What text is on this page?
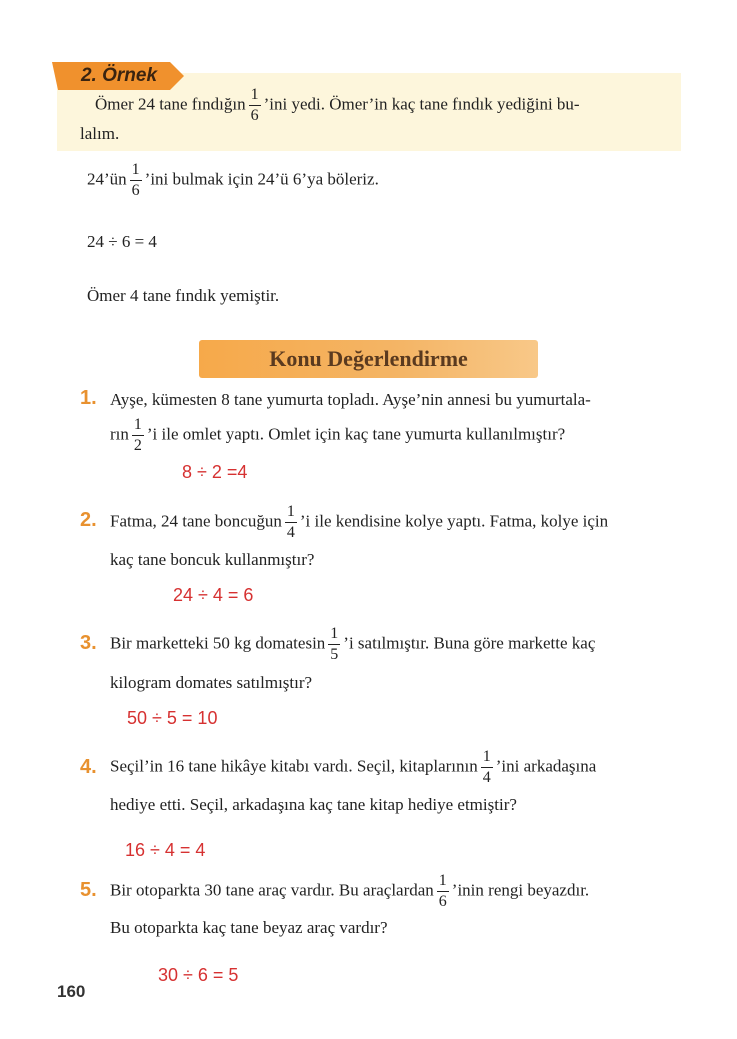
2. Örnek
Ömer 24 tane fındığın $\frac{1}{6}$ ’ini yedi. Ömer’in kaç tane fındık yediğini bu-
lalım.
24’ün $\frac{1}{6}$ ’ini bulmak için 24’ü 6’ya böleriz.
24 ÷ 6 = 4
Ömer 4 tane fındık yemiştir.
Konu Değerlendirme
1. Ayşe, kümesten 8 tane yumurta topladı. Ayşe’nin annesi bu yumurtala-
rın $\frac{1}{2}$ ’i ile omlet yaptı. Omlet için kaç tane yumurta kullanılmıştır?
8 ÷ 2 =4
2. Fatma, 24 tane boncuğun $\frac{1}{4}$ ’i ile kendisine kolye yaptı. Fatma, kolye için
kaç tane boncuk kullanmıştır?
24 ÷ 4 = 6
3. Bir marketteki 50 kg domatesin $\frac{1}{5}$ ’i satılmıştır. Buna göre markette kaç
kilogram domates satılmıştır?
50 ÷ 5 = 10
4. Seçil’in 16 tane hikâye kitabı vardı. Seçil, kitaplarının $\frac{1}{4}$ ’ini arkadaşına
hediye etti. Seçil, arkadaşına kaç tane kitap hediye etmiştir?
16 ÷ 4 = 4
5. Bir otoparkta 30 tane araç vardır. Bu araçlardan $\frac{1}{6}$ ’inin rengi beyazdır.
Bu otoparkta kaç tane beyaz araç vardır?
30 ÷ 6 = 5
160
